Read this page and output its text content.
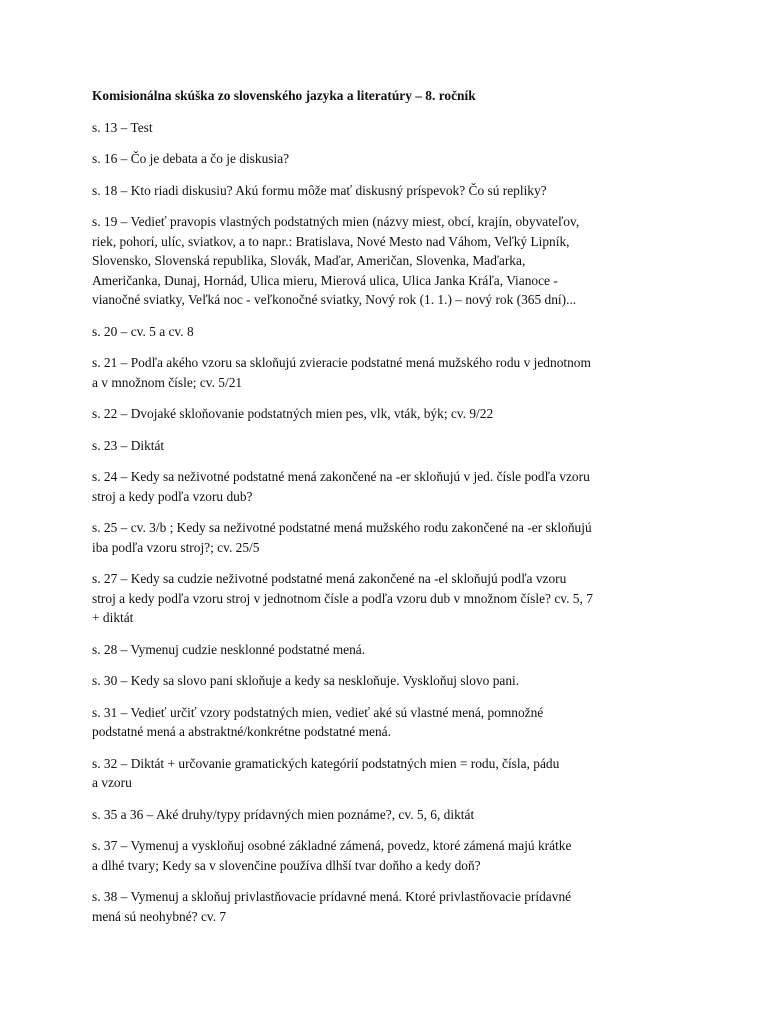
Komisionálna skúška zo slovenského jazyka a literatúry – 8. ročník
s. 13 – Test
s. 16 – Čo je debata a čo je diskusia?
s. 18 – Kto riadi diskusiu? Akú formu môže mať diskusný príspevok? Čo sú repliky?
s. 19 – Vedieť pravopis vlastných podstatných mien (názvy miest, obcí, krajín, obyvateľov,
riek, pohorí, ulíc, sviatkov, a to napr.: Bratislava, Nové Mesto nad Váhom, Veľký Lipník,
Slovensko, Slovenská republika, Slovák, Maďar, Američan, Slovenka, Maďarka,
Američanka, Dunaj, Hornád, Ulica mieru, Mierová ulica, Ulica Janka Kráľa, Vianoce -
vianočné sviatky, Veľká noc - veľkonočné sviatky, Nový rok (1. 1.) – nový rok (365 dní)...
s. 20 – cv. 5 a cv. 8
s. 21 – Podľa akého vzoru sa skloňujú zvieracie podstatné mená mužského rodu v jednotnom
a v množnom čísle; cv. 5/21
s. 22 – Dvojaké skloňovanie podstatných mien pes, vlk, vták, býk; cv. 9/22
s. 23 – Diktát
s. 24 – Kedy sa neživotné podstatné mená zakončené na -er skloňujú v jed. čísle podľa vzoru
stroj a kedy podľa vzoru dub?
s. 25 – cv. 3/b ; Kedy sa neživotné podstatné mená mužského rodu zakončené na -er skloňujú
iba podľa vzoru stroj?; cv. 25/5
s. 27 – Kedy sa cudzie neživotné podstatné mená zakončené na -el skloňujú podľa vzoru
stroj a kedy podľa vzoru stroj v jednotnom čísle a podľa vzoru dub v množnom čísle? cv. 5, 7
+ diktát
s. 28 – Vymenuj cudzie nesklonné podstatné mená.
s. 30 – Kedy sa slovo pani skloňuje a kedy sa neskloňuje. Vyskloňuj slovo pani.
s. 31 – Vedieť určiť vzory podstatných mien, vedieť aké sú vlastné mená, pomnožné
podstatné mená a abstraktné/konkrétne podstatné mená.
s. 32 – Diktát + určovanie gramatických kategórií podstatných mien = rodu, čísla, pádu
a vzoru
s. 35 a 36 – Aké druhy/typy prídavných mien poznáme?, cv. 5, 6, diktát
s. 37 – Vymenuj a vyskloňuj osobné základné zámená, povedz, ktoré zámená majú krátke
a dlhé tvary; Kedy sa v slovenčine používa dlhší tvar doňho a kedy doň?
s. 38 – Vymenuj a skloňuj privlastňovacie prídavné mená. Ktoré privlastňovacie prídavné
mená sú neohybné? cv. 7
